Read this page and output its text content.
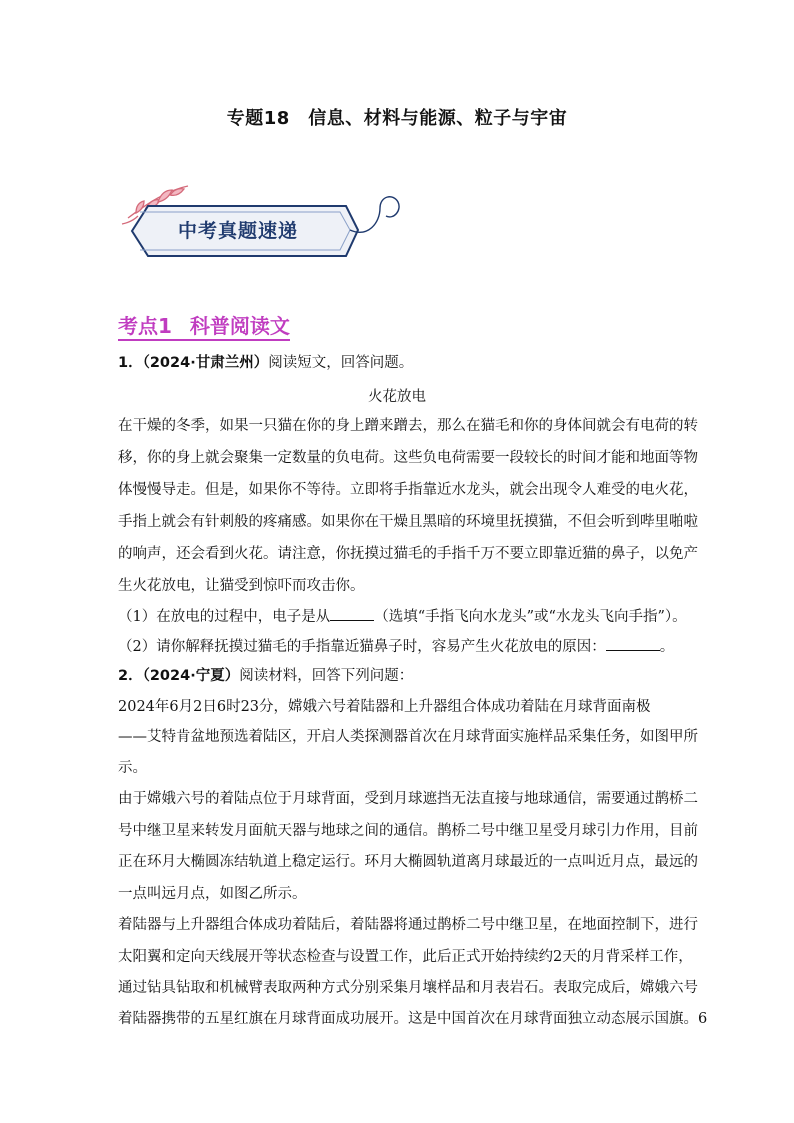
专题18　信息、材料与能源、粒子与宇宙
中考真题速递
考点1 科普阅读文
1．（2024·甘肃兰州）阅读短文，回答问题。
火花放电
在干燥的冬季，如果一只猫在你的身上蹭来蹭去，那么在猫毛和你的身体间就会有电荷的转
移，你的身上就会聚集一定数量的负电荷。这些负电荷需要一段较长的时间才能和地面等物
体慢慢导走。但是，如果你不等待。立即将手指靠近水龙头，就会出现令人难受的电火花，
手指上就会有针刺般的疼痛感。如果你在干燥且黑暗的环境里抚摸猫，不但会听到哔里啪啦
的响声，还会看到火花。请注意，你抚摸过猫毛的手指千万不要立即靠近猫的鼻子，以免产
生火花放电，让猫受到惊吓而攻击你。
（1）在放电的过程中，电子是从	（选填“手指飞向水龙头”或“水龙头飞向手指”）。
（2）请你解释抚摸过猫毛的手指靠近猫鼻子时，容易产生火花放电的原因：	。
2．（2024·宁夏）阅读材料，回答下列问题：
2024年6月2日6时23分，嫦娥六号着陆器和上升器组合体成功着陆在月球背面南极
——艾特肯盆地预选着陆区，开启人类探测器首次在月球背面实施样品采集任务，如图甲所
示。
由于嫦娥六号的着陆点位于月球背面，受到月球遮挡无法直接与地球通信，需要通过鹊桥二
号中继卫星来转发月面航天器与地球之间的通信。鹊桥二号中继卫星受月球引力作用，目前
正在环月大椭圆冻结轨道上稳定运行。环月大椭圆轨道离月球最近的一点叫近月点，最远的
一点叫远月点，如图乙所示。
着陆器与上升器组合体成功着陆后，着陆器将通过鹊桥二号中继卫星，在地面控制下，进行
太阳翼和定向天线展开等状态检查与设置工作，此后正式开始持续约2天的月背采样工作，
通过钻具钻取和机械臂表取两种方式分别采集月壤样品和月表岩石。表取完成后，嫦娥六号
着陆器携带的五星红旗在月球背面成功展开。这是中国首次在月球背面独立动态展示国旗。6
